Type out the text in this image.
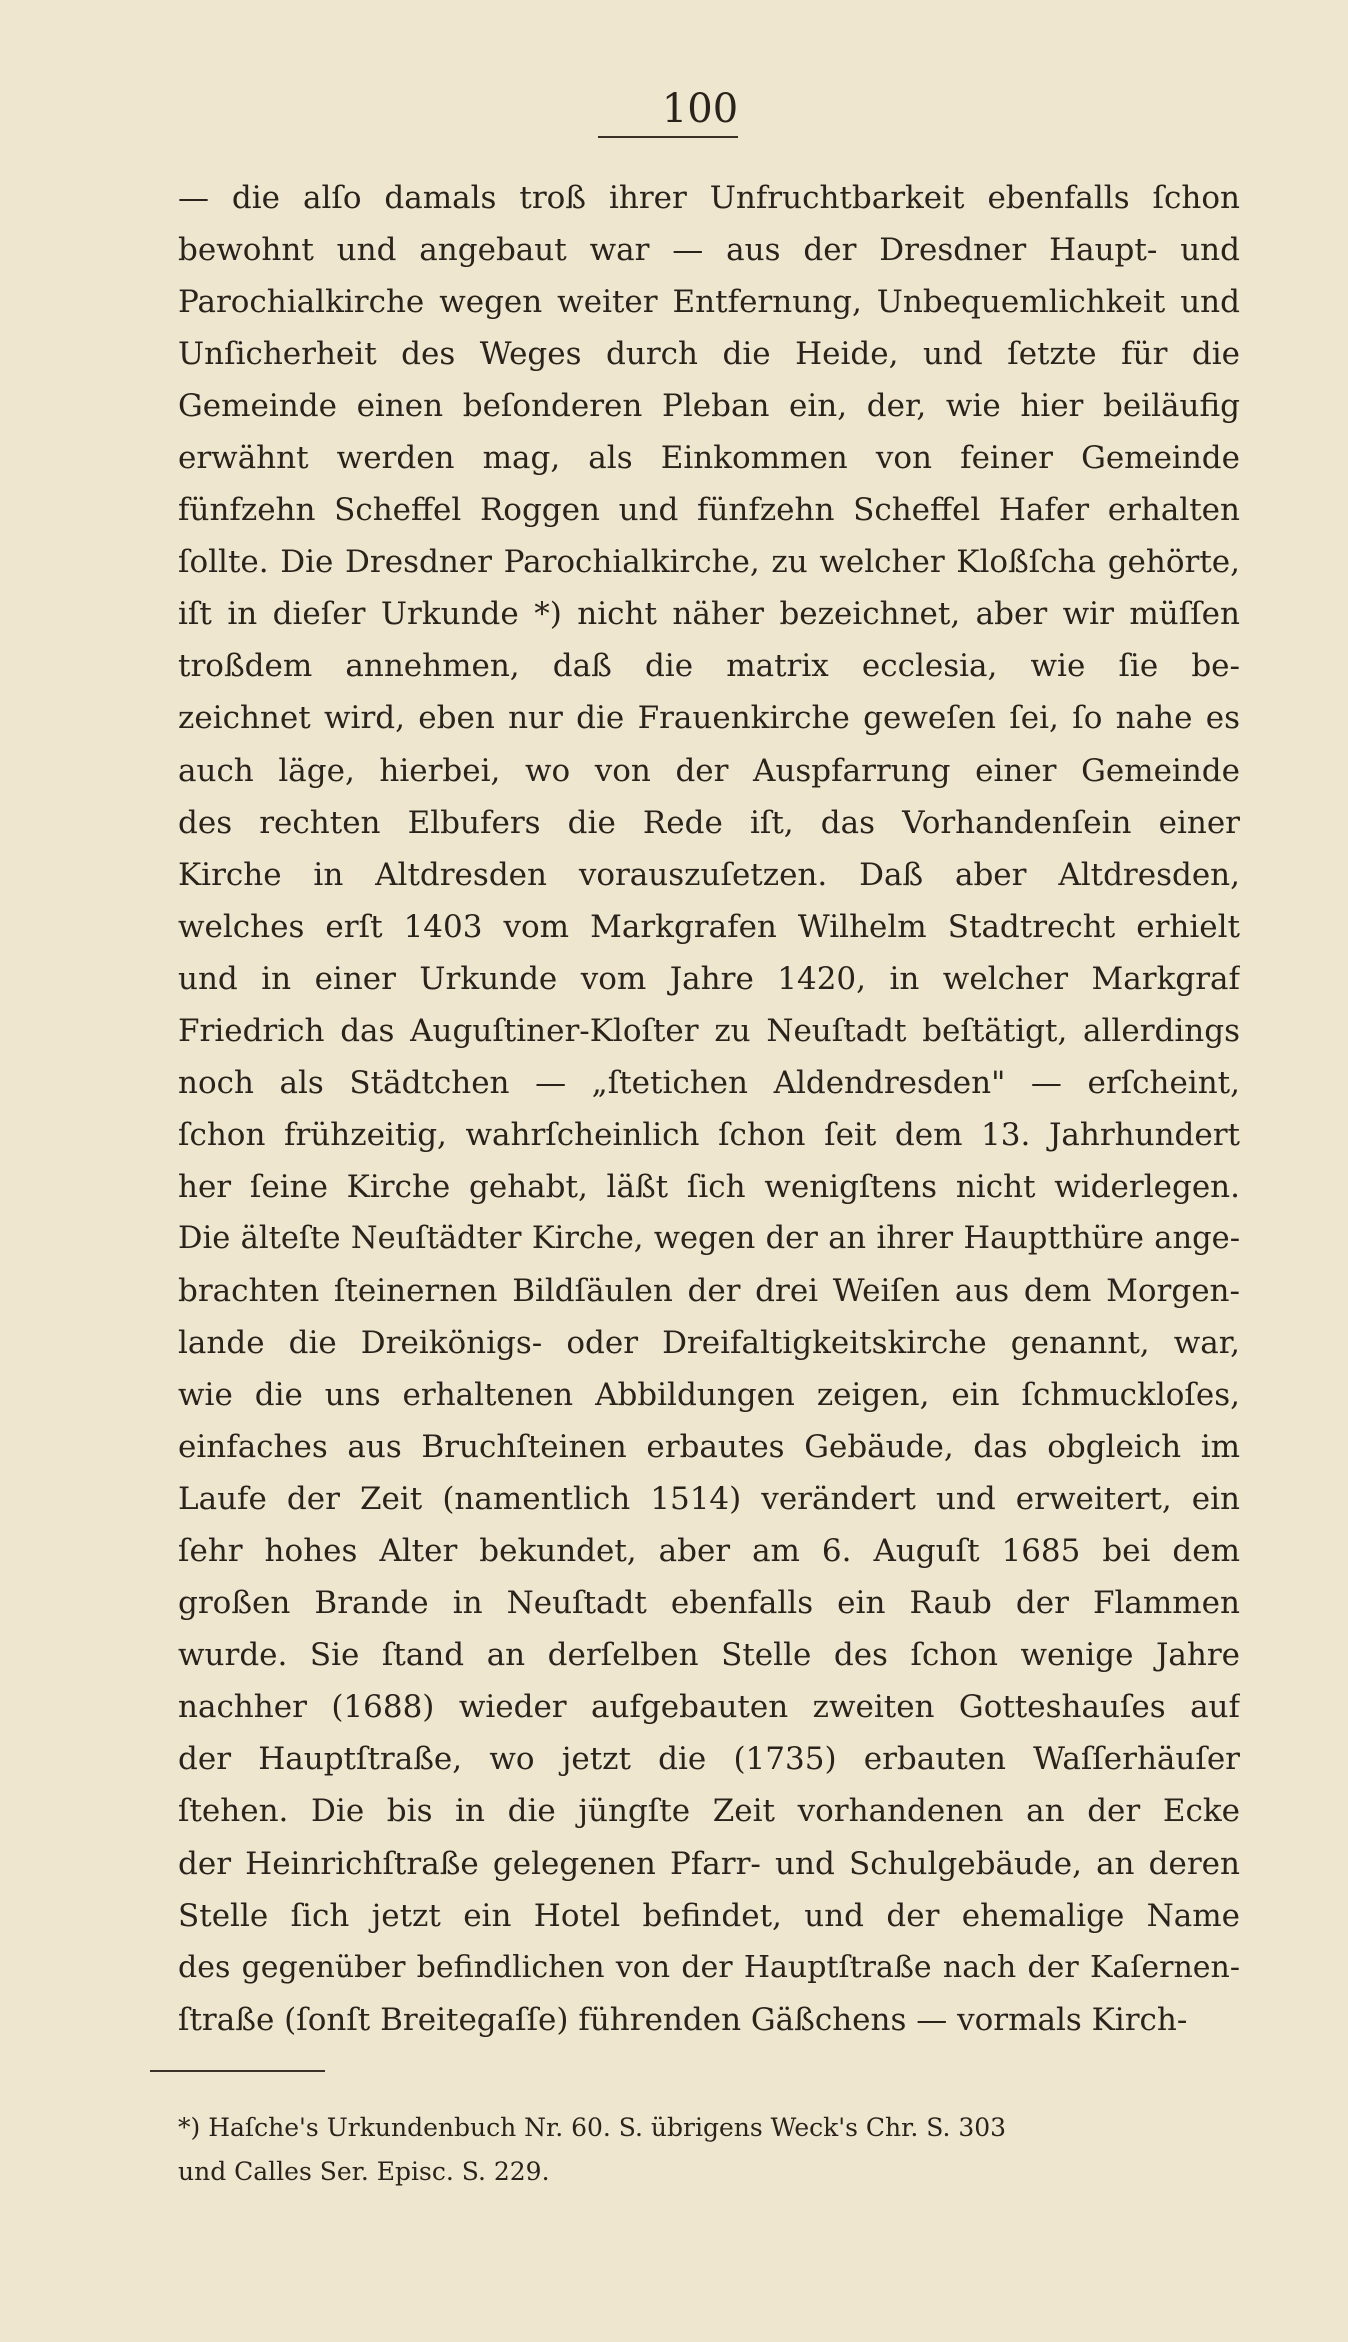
100
— die alſo damals troß ihrer Unfruchtbarkeit ebenfalls ſchon
bewohnt und angebaut war — aus der Dresdner Haupt- und
Parochialkirche wegen weiter Entfernung, Unbequemlichkeit und
Unſicherheit des Weges durch die Heide, und ſetzte für die
Gemeinde einen beſonderen Pleban ein, der, wie hier beiläufig
erwähnt werden mag, als Einkommen von feiner Gemeinde
fünfzehn Scheffel Roggen und fünfzehn Scheffel Hafer erhalten
ſollte. Die Dresdner Parochialkirche, zu welcher Kloßſcha gehörte,
iſt in dieſer Urkunde *) nicht näher bezeichnet, aber wir müſſen
troßdem annehmen, daß die matrix ecclesia, wie ſie be-
zeichnet wird, eben nur die Frauenkirche geweſen ſei, ſo nahe es
auch läge, hierbei, wo von der Auspfarrung einer Gemeinde
des rechten Elbufers die Rede iſt, das Vorhandenſein einer
Kirche in Altdresden vorauszuſetzen. Daß aber Altdresden,
welches erſt 1403 vom Markgrafen Wilhelm Stadtrecht erhielt
und in einer Urkunde vom Jahre 1420, in welcher Markgraf
Friedrich das Auguſtiner-Kloſter zu Neuſtadt beſtätigt, allerdings
noch als Städtchen — „ſtetichen Aldendresden" — erſcheint,
ſchon frühzeitig, wahrſcheinlich ſchon ſeit dem 13. Jahrhundert
her ſeine Kirche gehabt, läßt ſich wenigſtens nicht widerlegen.
Die älteſte Neuſtädter Kirche, wegen der an ihrer Hauptthüre ange-
brachten ſteinernen Bildſäulen der drei Weiſen aus dem Morgen-
lande die Dreikönigs- oder Dreifaltigkeitskirche genannt, war,
wie die uns erhaltenen Abbildungen zeigen, ein ſchmuckloſes,
einfaches aus Bruchſteinen erbautes Gebäude, das obgleich im
Laufe der Zeit (namentlich 1514) verändert und erweitert, ein
ſehr hohes Alter bekundet, aber am 6. Auguſt 1685 bei dem
großen Brande in Neuſtadt ebenfalls ein Raub der Flammen
wurde. Sie ſtand an derſelben Stelle des ſchon wenige Jahre
nachher (1688) wieder aufgebauten zweiten Gotteshauſes auf
der Hauptſtraße, wo jetzt die (1735) erbauten Waſſerhäuſer
ſtehen. Die bis in die jüngſte Zeit vorhandenen an der Ecke
der Heinrichſtraße gelegenen Pfarr- und Schulgebäude, an deren
Stelle ſich jetzt ein Hotel befindet, und der ehemalige Name
des gegenüber befindlichen von der Hauptſtraße nach der Kaſernen-
ſtraße (ſonſt Breitegaſſe) führenden Gäßchens — vormals Kirch-
*) Haſche's Urkundenbuch Nr. 60. S. übrigens Weck's Chr. S. 303
und Calles Ser. Episc. S. 229.
